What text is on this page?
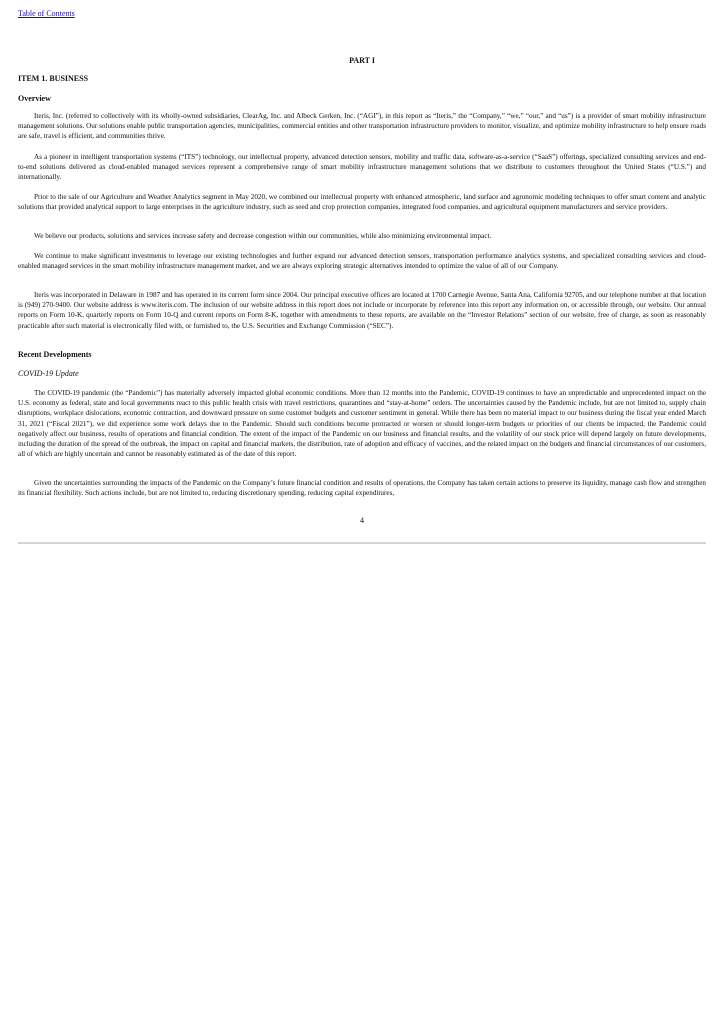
Table of Contents
PART I
ITEM 1. BUSINESS
Overview

Iteris, Inc. (referred to collectively with its wholly-owned subsidiaries, ClearAg, Inc. and Albeck Gerken, Inc. (“AGI”), in this report as “Iteris,” the “Company,” “we,” “our,” and “us”) is a provider of smart mobility infrastructure management solutions. Our solutions enable public transportation agencies, municipalities, commercial entities and other transportation infrastructure providers to monitor, visualize, and optimize mobility infrastructure to help ensure roads are safe, travel is efficient, and communities thrive.

As a pioneer in intelligent transportation systems (“ITS”) technology, our intellectual property, advanced detection sensors, mobility and traffic data, software-as-a-service (“SaaS”) offerings, specialized consulting services and end-to-end solutions delivered as cloud-enabled managed services represent a comprehensive range of smart mobility infrastructure management solutions that we distribute to customers throughout the United States (“U.S.”) and internationally.

Prior to the sale of our Agriculture and Weather Analytics segment in May 2020, we combined our intellectual property with enhanced atmospheric, land surface and agronomic modeling techniques to offer smart content and analytic solutions that provided analytical support to large enterprises in the agriculture industry, such as seed and crop protection companies, integrated food companies, and agricultural equipment manufacturers and service providers.

We believe our products, solutions and services increase safety and decrease congestion within our communities, while also minimizing environmental impact.

We continue to make significant investments to leverage our existing technologies and further expand our advanced detection sensors, transportation performance analytics systems, and specialized consulting services and cloud-enabled managed services in the smart mobility infrastructure management market, and we are always exploring strategic alternatives intended to optimize the value of all of our Company.

Iteris was incorporated in Delaware in 1987 and has operated in its current form since 2004. Our principal executive offices are located at 1700 Carnegie Avenue, Santa Ana, California 92705, and our telephone number at that location is (949) 270-9400. Our website address is www.iteris.com. The inclusion of our website address in this report does not include or incorporate by reference into this report any information on, or accessible through, our website. Our annual reports on Form 10-K, quarterly reports on Form 10-Q and current reports on Form 8-K, together with amendments to these reports, are available on the “Investor Relations” section of our website, free of charge, as soon as reasonably practicable after such material is electronically filed with, or furnished to, the U.S. Securities and Exchange Commission (“SEC”).

Recent Developments
COVID-19 Update

The COVID-19 pandemic (the “Pandemic”) has materially adversely impacted global economic conditions. More than 12 months into the Pandemic, COVID-19 continues to have an unpredictable and unprecedented impact on the U.S. economy as federal, state and local governments react to this public health crisis with travel restrictions, quarantines and “stay-at-home” orders. The uncertainties caused by the Pandemic include, but are not limited to, supply chain disruptions, workplace dislocations, economic contraction, and downward pressure on some customer budgets and customer sentiment in general. While there has been no material impact to our business during the fiscal year ended March 31, 2021 (“Fiscal 2021”), we did experience some work delays due to the Pandemic. Should such conditions become protracted or worsen or should longer-term budgets or priorities of our clients be impacted, the Pandemic could negatively affect our business, results of operations and financial condition. The extent of the impact of the Pandemic on our business and financial results, and the volatility of our stock price will depend largely on future developments, including the duration of the spread of the outbreak, the impact on capital and financial markets, the distribution, rate of adoption and efficacy of vaccines, and the related impact on the budgets and financial circumstances of our customers, all of which are highly uncertain and cannot be reasonably estimated as of the date of this report.

Given the uncertainties surrounding the impacts of the Pandemic on the Company’s future financial condition and results of operations, the Company has taken certain actions to preserve its liquidity, manage cash flow and strengthen its financial flexibility. Such actions include, but are not limited to, reducing discretionary spending, reducing capital expenditures,

4
